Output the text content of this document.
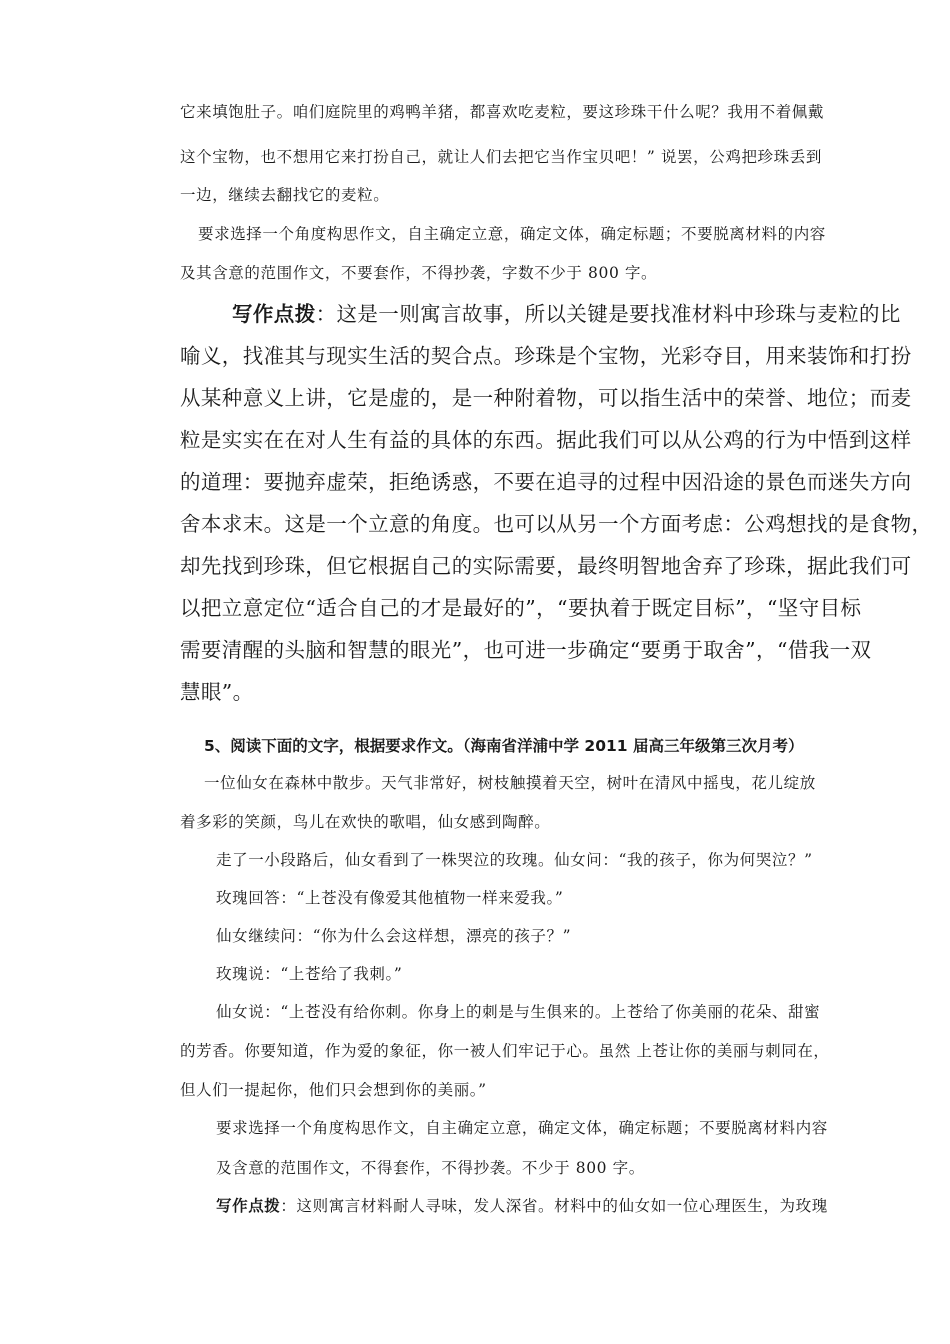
它来填饱肚子。咱们庭院里的鸡鸭羊猪，都喜欢吃麦粒，要这珍珠干什么呢？我用不着佩戴

这个宝物，也不想用它来打扮自己，就让人们去把它当作宝贝吧！” 说罢，公鸡把珍珠丢到

一边，继续去翻找它的麦粒。

要求选择一个角度构思作文，自主确定立意，确定文体，确定标题；不要脱离材料的内容

及其含意的范围作文，不要套作，不得抄袭，字数不少于 800 字。

写作点拨：这是一则寓言故事，所以关键是要找准材料中珍珠与麦粒的比

喻义，找准其与现实生活的契合点。珍珠是个宝物，光彩夺目，用来装饰和打扮

从某种意义上讲，它是虚的，是一种附着物，可以指生活中的荣誉、地位；而麦

粒是实实在在对人生有益的具体的东西。据此我们可以从公鸡的行为中悟到这样

的道理：要抛弃虚荣，拒绝诱惑，不要在追寻的过程中因沿途的景色而迷失方向

舍本求末。这是一个立意的角度。也可以从另一个方面考虑：公鸡想找的是食物，

却先找到珍珠，但它根据自己的实际需要，最终明智地舍弃了珍珠，据此我们可

以把立意定位“适合自己的才是最好的”，“要执着于既定目标”，“坚守目标

需要清醒的头脑和智慧的眼光”，也可进一步确定“要勇于取舍”，“借我一双

慧眼”。

5、阅读下面的文字，根据要求作文。（海南省洋浦中学 2011 届高三年级第三次月考）

一位仙女在森林中散步。天气非常好，树枝触摸着天空，树叶在清风中摇曳，花儿绽放

着多彩的笑颜，鸟儿在欢快的歌唱，仙女感到陶醉。

走了一小段路后，仙女看到了一株哭泣的玫瑰。仙女问：“我的孩子，你为何哭泣？”

玫瑰回答：“上苍没有像爱其他植物一样来爱我。”

仙女继续问：“你为什么会这样想，漂亮的孩子？”

玫瑰说：“上苍给了我刺。”

仙女说：“上苍没有给你刺。你身上的刺是与生俱来的。上苍给了你美丽的花朵、甜蜜

的芳香。你要知道，作为爱的象征，你一被人们牢记于心。虽然 上苍让你的美丽与刺同在，

但人们一提起你，他们只会想到你的美丽。”

要求选择一个角度构思作文，自主确定立意，确定文体，确定标题；不要脱离材料内容

及含意的范围作文，不得套作，不得抄袭。不少于 800 字。

写作点拨：这则寓言材料耐人寻味，发人深省。材料中的仙女如一位心理医生，为玫瑰
